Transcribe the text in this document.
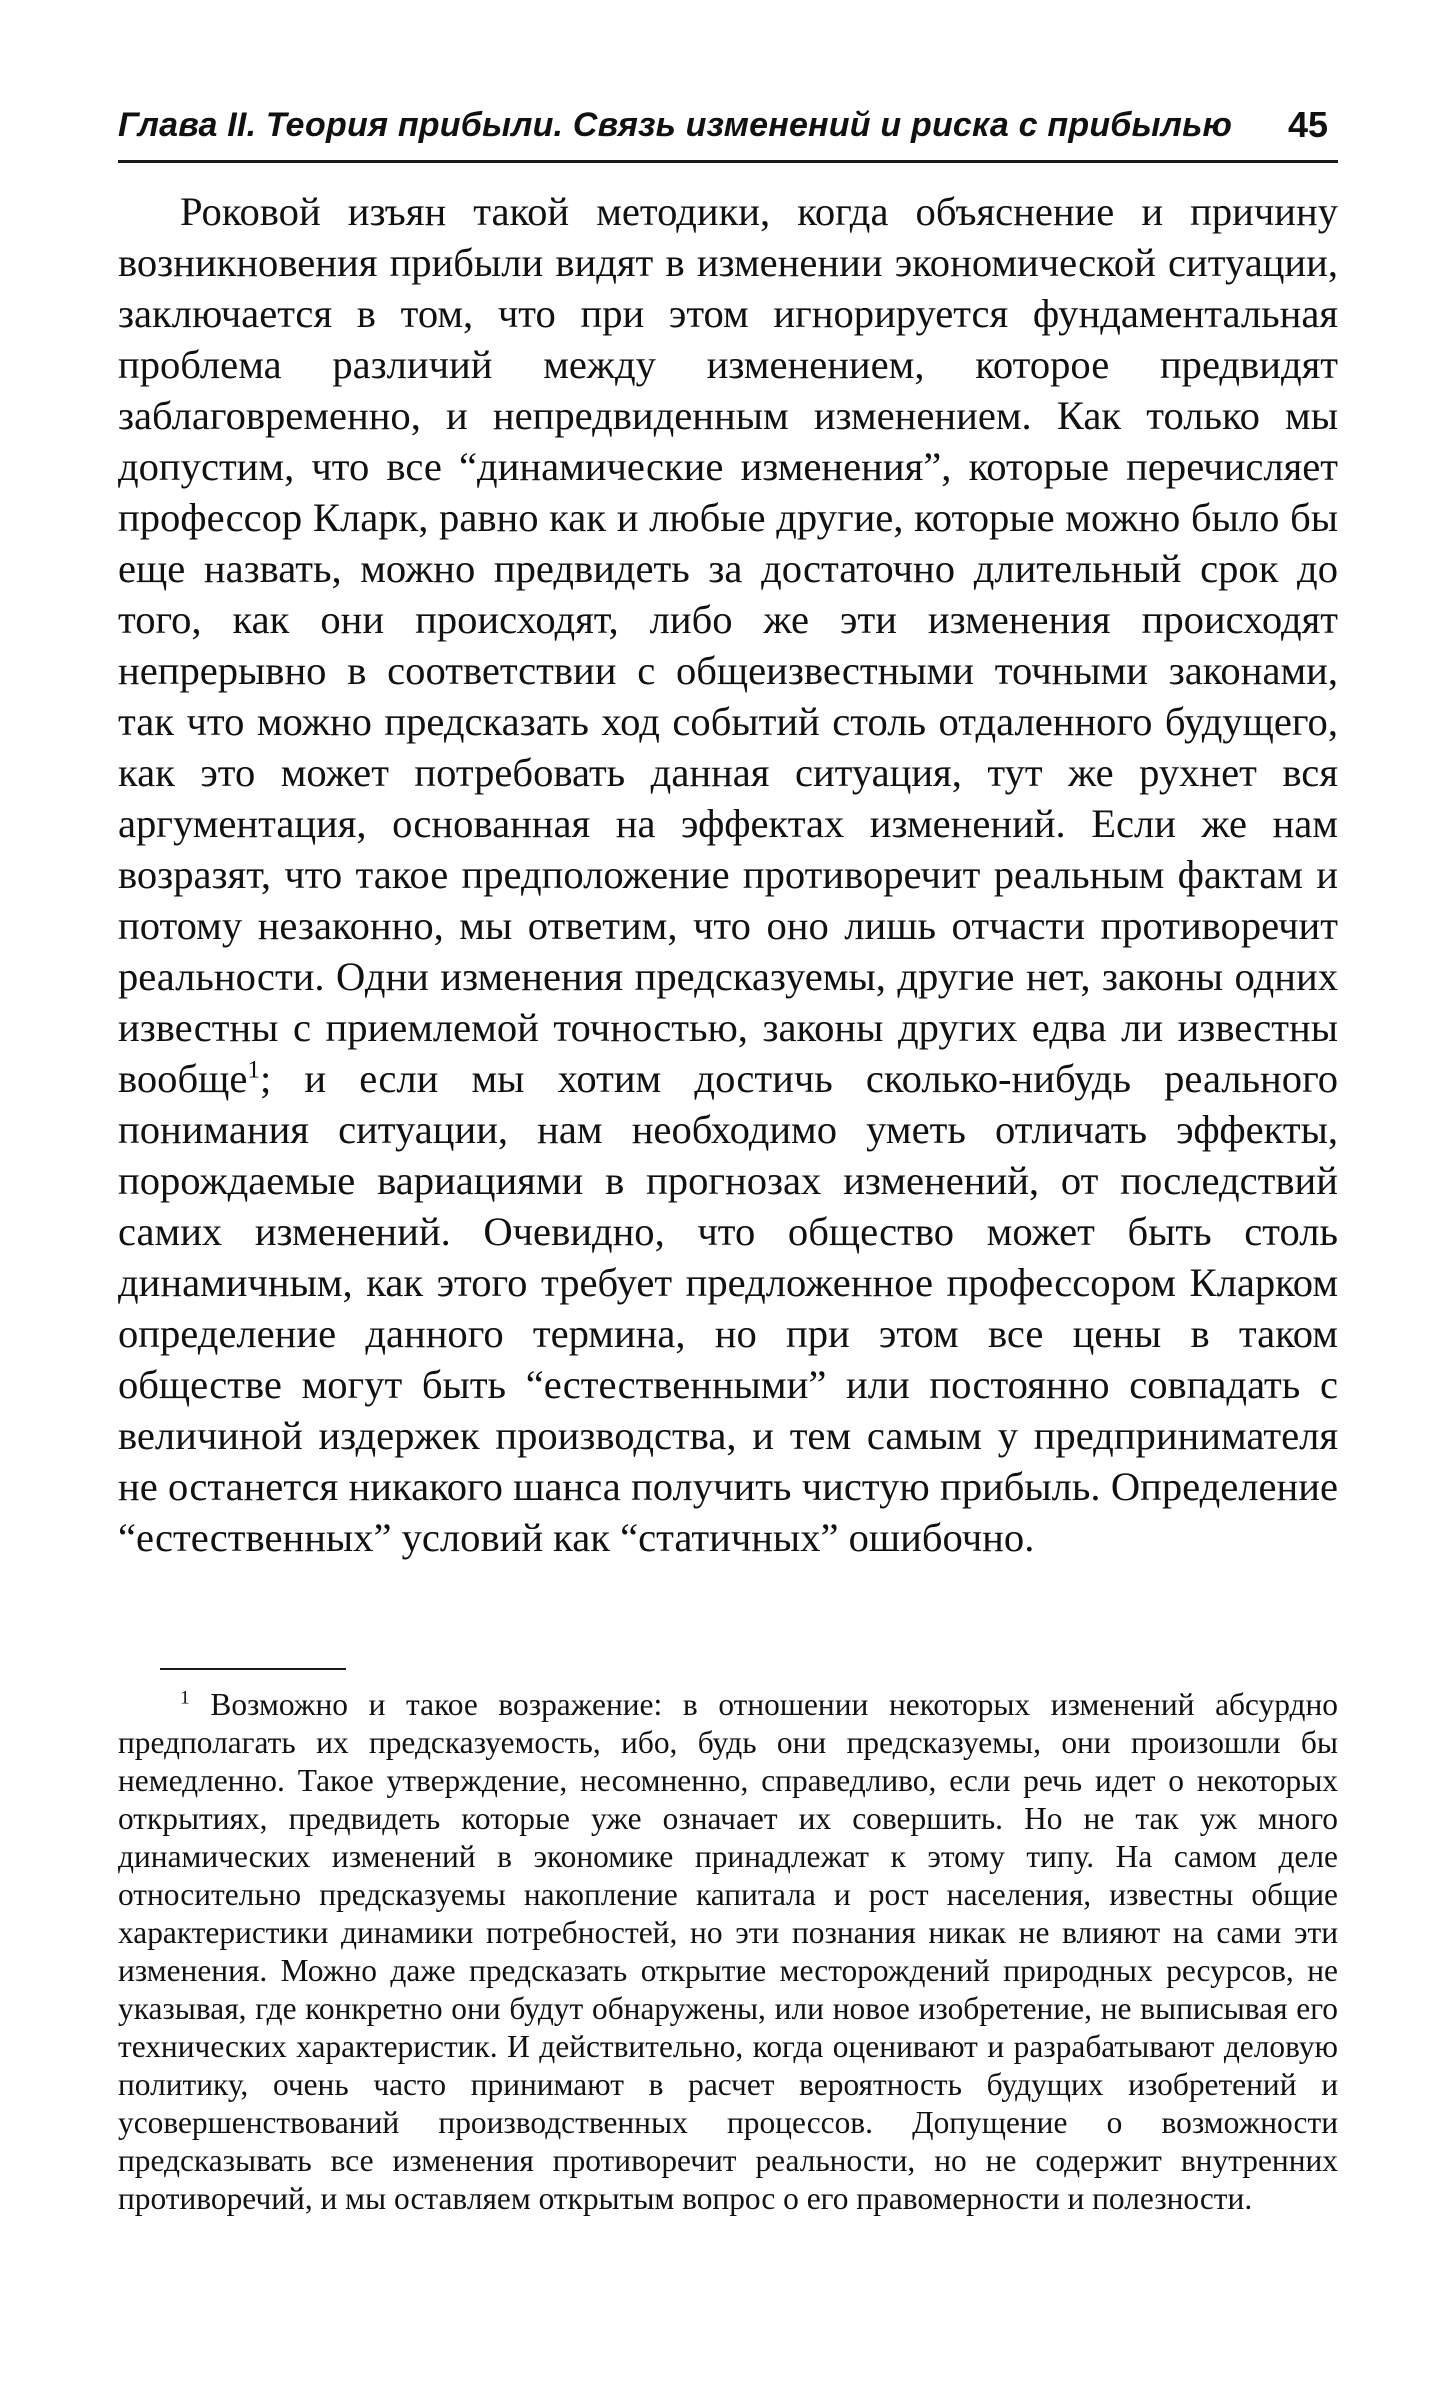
Глава II. Теория прибыли. Связь изменений и риска с прибылью 45

Роковой изъян такой методики, когда объяснение и причину возникновения прибыли видят в изменении экономической ситуации, заключается в том, что при этом игнорируется фундаментальная проблема различий между изменением, которое предвидят заблаговременно, и непредвиденным изменением. Как только мы допустим, что все “динамические изменения”, которые перечисляет профессор Кларк, равно как и любые другие, которые можно было бы еще назвать, можно предвидеть за достаточно длительный срок до того, как они происходят, либо же эти изменения происходят непрерывно в соответствии с общеизвестными точными законами, так что можно предсказать ход событий столь отдаленного будущего, как это может потребовать данная ситуация, тут же рухнет вся аргументация, основанная на эффектах изменений. Если же нам возразят, что такое предположение противоречит реальным фактам и потому незаконно, мы ответим, что оно лишь отчасти противоречит реальности. Одни изменения предсказуемы, другие нет, законы одних известны с приемлемой точностью, законы других едва ли известны вообще$^1$; и если мы хотим достичь сколько-нибудь реального понимания ситуации, нам необходимо уметь отличать эффекты, порождаемые вариациями в прогнозах изменений, от последствий самих изменений. Очевидно, что общество может быть столь динамичным, как этого требует предложенное профессором Кларком определение данного термина, но при этом все цены в таком обществе могут быть “естественными” или постоянно совпадать с величиной издержек производства, и тем самым у предпринимателя не останется никакого шанса получить чистую прибыль. Определение “естественных” условий как “статичных” ошибочно.

$^1$ Возможно и такое возражение: в отношении некоторых изменений абсурдно предполагать их предсказуемость, ибо, будь они предсказуемы, они произошли бы немедленно. Такое утверждение, несомненно, справедливо, если речь идет о некоторых открытиях, предвидеть которые уже означает их совершить. Но не так уж много динамических изменений в экономике принадлежат к этому типу. На самом деле относительно предсказуемы накопление капитала и рост населения, известны общие характеристики динамики потребностей, но эти познания никак не влияют на сами эти изменения. Можно даже предсказать открытие месторождений природных ресурсов, не указывая, где конкретно они будут обнаружены, или новое изобретение, не выписывая его технических характеристик. И действительно, когда оценивают и разрабатывают деловую политику, очень часто принимают в расчет вероятность будущих изобретений и усовершенствований производственных процессов. Допущение о возможности предсказывать все изменения противоречит реальности, но не содержит внутренних противоречий, и мы оставляем открытым вопрос о его правомерности и полезности.
